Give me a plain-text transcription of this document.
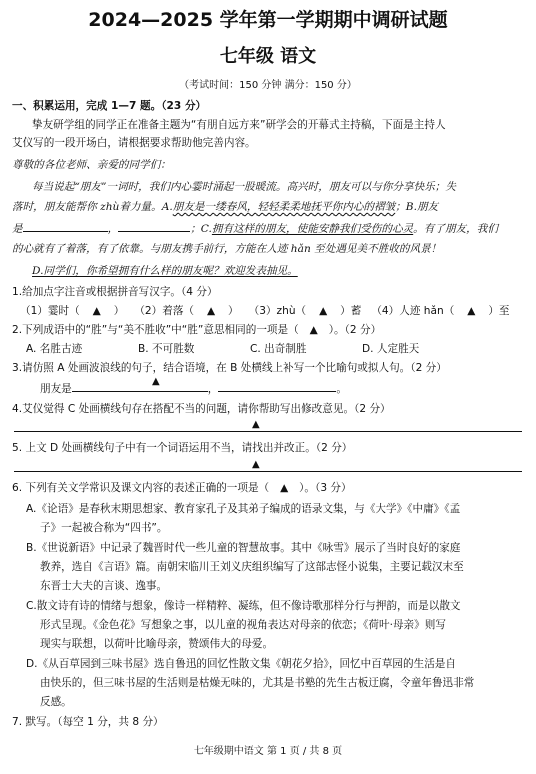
2024—2025 学年第一学期期中调研试题
七年级 语文
（考试时间：150 分钟 满分：150 分）
一、积累运用，完成 1—7 题。（23 分）
挚友研学组的同学正在准备主题为“有朋自远方来”研学会的开幕式主持稿，下面是主持人
艾仪写的一段开场白，请根据要求帮助他完善内容。
尊敬的各位老师、亲爱的同学们：
每当说起“朋友”一词时，我们内心霎时涌起一股暖流。高兴时，朋友可以与你分享快乐；失
落时，朋友能帮你 zhù着力量。A.朋友是一缕春风，轻轻柔柔地抚平你内心的褶皱；B.朋友
是	，	；C.拥有这样的朋友，使能安静我们受伤的心灵。有了朋友，我们
的心就有了着落，有了依靠。与朋友携手前行，方能在人迹 hǎn 至处遇见美不胜收的风景！
D.同学们，你希望拥有什么样的朋友呢？欢迎发表抽见。
1.给加点字注音或根据拼音写汉字。（4 分）
（1）霎时（ ▲ ） （2）着落（ ▲ ） （3）zhù（ ▲ ）蓄 （4）人迹 hǎn（ ▲ ）至
2.下列成语中的“胜”与“美不胜收”中“胜”意思相同的一项是（ ▲ ）。（2 分）
A. 名胜古迹	B. 不可胜数	C. 出奇制胜	D. 人定胜天
3.请仿照 A 处画波浪线的句子，结合语境，在 B 处横线上补写一个比喻句或拟人句。（2 分）
朋友是	，	。
▲
4.艾仪觉得 C 处画横线句存在搭配不当的问题，请你帮助写出修改意见。（2 分）
▲
5. 上文 D 处画横线句子中有一个词语运用不当，请找出并改正。（2 分）
▲
6. 下列有关文学常识及课文内容的表述正确的一项是（ ▲ ）。（3 分）
A.《论语》是春秋末期思想家、教育家孔子及其弟子编成的语录文集，与《大学》《中庸》《孟
子》一起被合称为“四书”。
B.《世说新语》中记录了魏晋时代一些儿童的智慧故事。其中《咏雪》展示了当时良好的家庭
教养，选自《言语》篇。南朝宋临川王刘义庆组织编写了这部志怪小说集，主要记载汉末至
东晋士大夫的言谈、逸事。
C.散文诗有诗的情绪与想象，像诗一样精粹、凝练，但不像诗歌那样分行与押韵，而是以散文
形式呈现。《金色花》写想象之事，以儿童的视角表达对母亲的依恋；《荷叶·母亲》则写
现实与联想，以荷叶比喻母亲，赞颂伟大的母爱。
D.《从百草园到三味书屋》选自鲁迅的回忆性散文集《朝花夕拾》，回忆中百草园的生活是自
由快乐的，但三味书屋的生活则是枯燥无味的，尤其是书塾的先生古板迂腐，令童年鲁迅非常
反感。
7. 默写。（每空 1 分，共 8 分）
七年级期中语文 第 1 页 / 共 8 页
